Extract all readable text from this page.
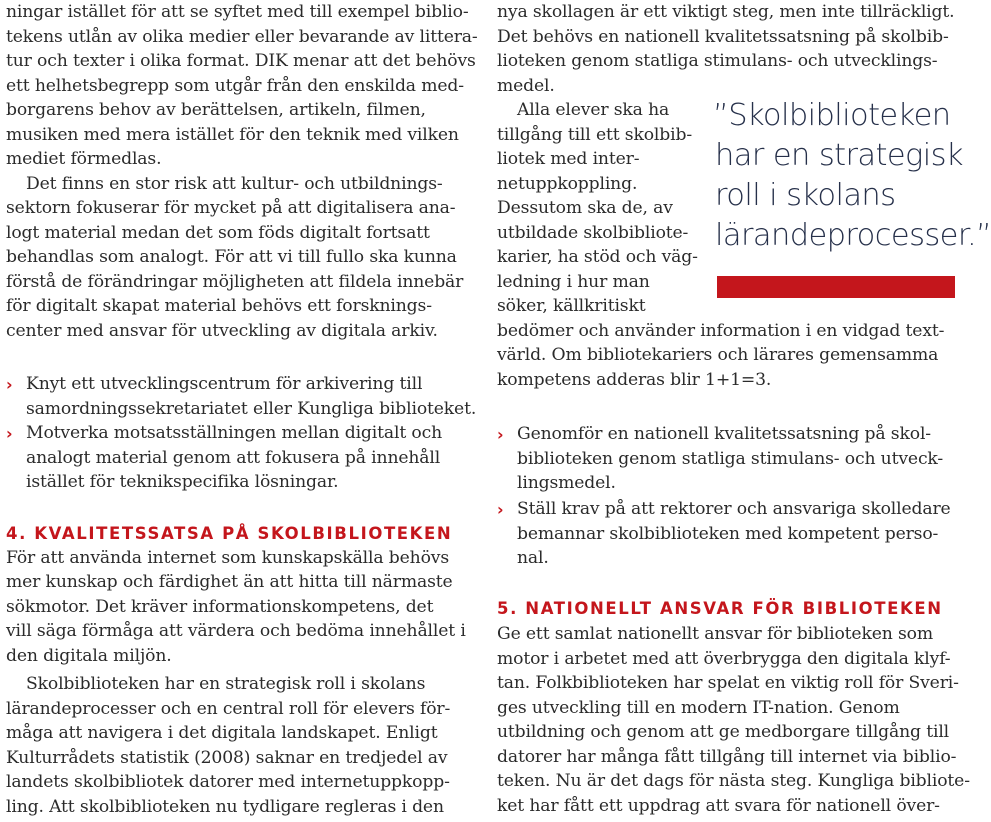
ningar istället för att se syftet med till exempel biblio-
tekens utlån av olika medier eller bevarande av littera-
tur och texter i olika format. DIK menar att det behövs
ett helhetsbegrepp som utgår från den enskilda med-
borgarens behov av berättelsen, artikeln, filmen,
musiken med mera istället för den teknik med vilken
mediet förmedlas.
Det finns en stor risk att kultur- och utbildnings-
sektorn fokuserar för mycket på att digitalisera ana-
logt material medan det som föds digitalt fortsatt
behandlas som analogt. För att vi till fullo ska kunna
förstå de förändringar möjligheten att fildela innebär
för digitalt skapat material behövs ett forsknings-
center med ansvar för utveckling av digitala arkiv.
› Knyt ett utvecklingscentrum för arkivering till
samordningssekretariatet eller Kungliga biblioteket.
› Motverka motsatsställningen mellan digitalt och
analogt material genom att fokusera på innehåll
istället för teknikspecifika lösningar.
4. KVALITETSSATSA PÅ SKOLBIBLIOTEKEN
För att använda internet som kunskapskälla behövs
mer kunskap och färdighet än att hitta till närmaste
sökmotor. Det kräver informationskompetens, det
vill säga förmåga att värdera och bedöma innehållet i
den digitala miljön.
Skolbiblioteken har en strategisk roll i skolans
lärandeprocesser och en central roll för elevers för-
måga att navigera i det digitala landskapet. Enligt
Kulturrådets statistik (2008) saknar en tredjedel av
landets skolbibliotek datorer med internetuppkopp-
ling. Att skolbiblioteken nu tydligare regleras i den
nya skollagen är ett viktigt steg, men inte tillräckligt.
Det behövs en nationell kvalitetssatsning på skolbib-
lioteken genom statliga stimulans- och utvecklings-
medel.
Alla elever ska ha
tillgång till ett skolbib-
liotek med inter-
netuppkoppling.
Dessutom ska de, av
utbildade skolbibliote-
karier, ha stöd och väg-
ledning i hur man
söker, källkritiskt
bedömer och använder information i en vidgad text-
värld. Om bibliotekariers och lärares gemensamma
kompetens adderas blir 1+1=3.
› Genomför en nationell kvalitetssatsning på skol-
biblioteken genom statliga stimulans- och utveck-
lingsmedel.
› Ställ krav på att rektorer och ansvariga skolledare
bemannar skolbiblioteken med kompetent perso-
nal.
5. NATIONELLT ANSVAR FÖR BIBLIOTEKEN
Ge ett samlat nationellt ansvar för biblioteken som
motor i arbetet med att överbrygga den digitala klyf-
tan. Folkbiblioteken har spelat en viktig roll för Sveri-
ges utveckling till en modern IT-nation. Genom
utbildning och genom att ge medborgare tillgång till
datorer har många fått tillgång till internet via biblio-
teken. Nu är det dags för nästa steg. Kungliga bibliote-
ket har fått ett uppdrag att svara för nationell över-
”Skolbiblioteken
har en strategisk
roll i skolans
lärandeprocesser.”
